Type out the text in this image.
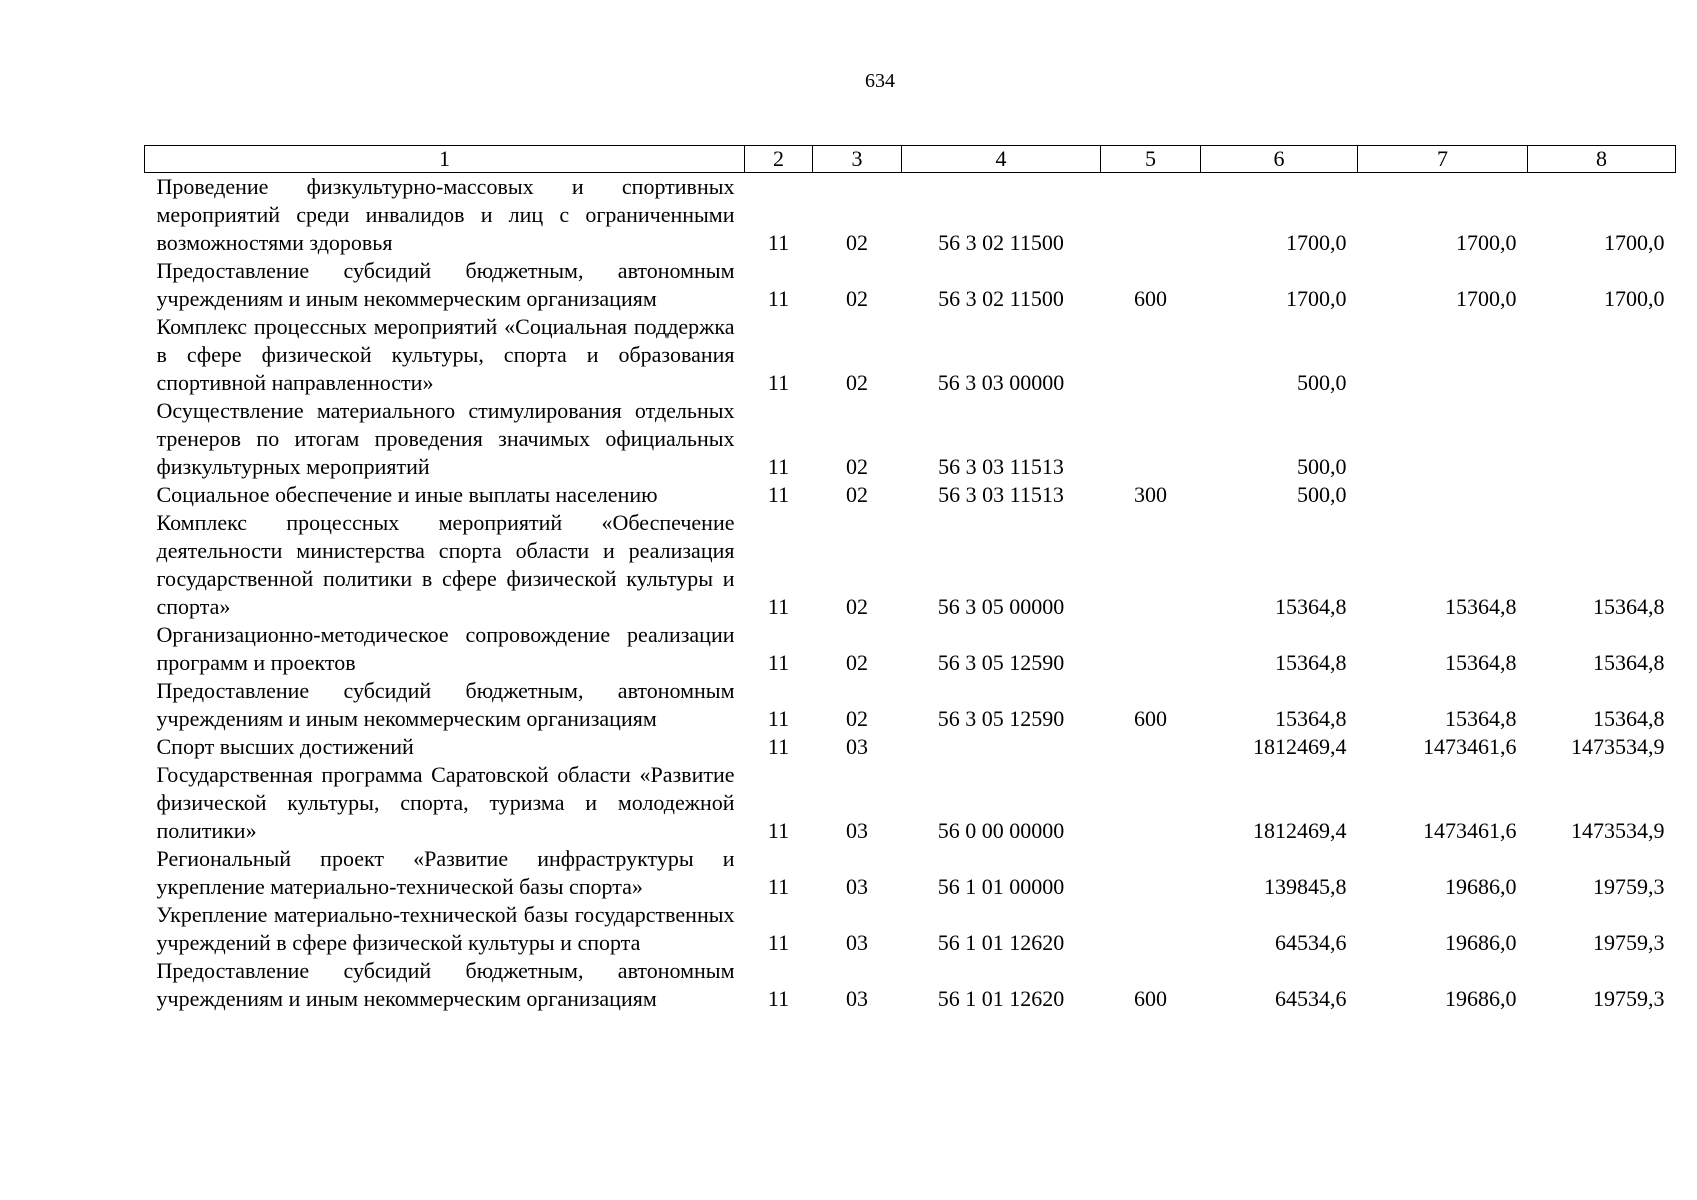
634
1	2	3	4	5	6	7	8
Проведение физкультурно-массовых и спортивных мероприятий среди инвалидов и лиц с ограниченными возможностями здоровья	11	02	56 3 02 11500		1700,0	1700,0	1700,0
Предоставление субсидий бюджетным, автономным учреждениям и иным некоммерческим организациям	11	02	56 3 02 11500	600	1700,0	1700,0	1700,0
Комплекс процессных мероприятий «Социальная поддержка в сфере физической культуры, спорта и образования спортивной направленности»	11	02	56 3 03 00000		500,0		
Осуществление материального стимулирования отдельных тренеров по итогам проведения значимых официальных физкультурных мероприятий	11	02	56 3 03 11513		500,0		
Социальное обеспечение и иные выплаты населению	11	02	56 3 03 11513	300	500,0		
Комплекс процессных мероприятий «Обеспечение деятельности министерства спорта области и реализация государственной политики в сфере физической культуры и спорта»	11	02	56 3 05 00000		15364,8	15364,8	15364,8
Организационно-методическое сопровождение реализации программ и проектов	11	02	56 3 05 12590		15364,8	15364,8	15364,8
Предоставление субсидий бюджетным, автономным учреждениям и иным некоммерческим организациям	11	02	56 3 05 12590	600	15364,8	15364,8	15364,8
Спорт высших достижений	11	03			1812469,4	1473461,6	1473534,9
Государственная программа Саратовской области «Развитие физической культуры, спорта, туризма и молодежной политики»	11	03	56 0 00 00000		1812469,4	1473461,6	1473534,9
Региональный проект «Развитие инфраструктуры и укрепление материально-технической базы спорта»	11	03	56 1 01 00000		139845,8	19686,0	19759,3
Укрепление материально-технической базы государственных учреждений в сфере физической культуры и спорта	11	03	56 1 01 12620		64534,6	19686,0	19759,3
Предоставление субсидий бюджетным, автономным учреждениям и иным некоммерческим организациям	11	03	56 1 01 12620	600	64534,6	19686,0	19759,3
